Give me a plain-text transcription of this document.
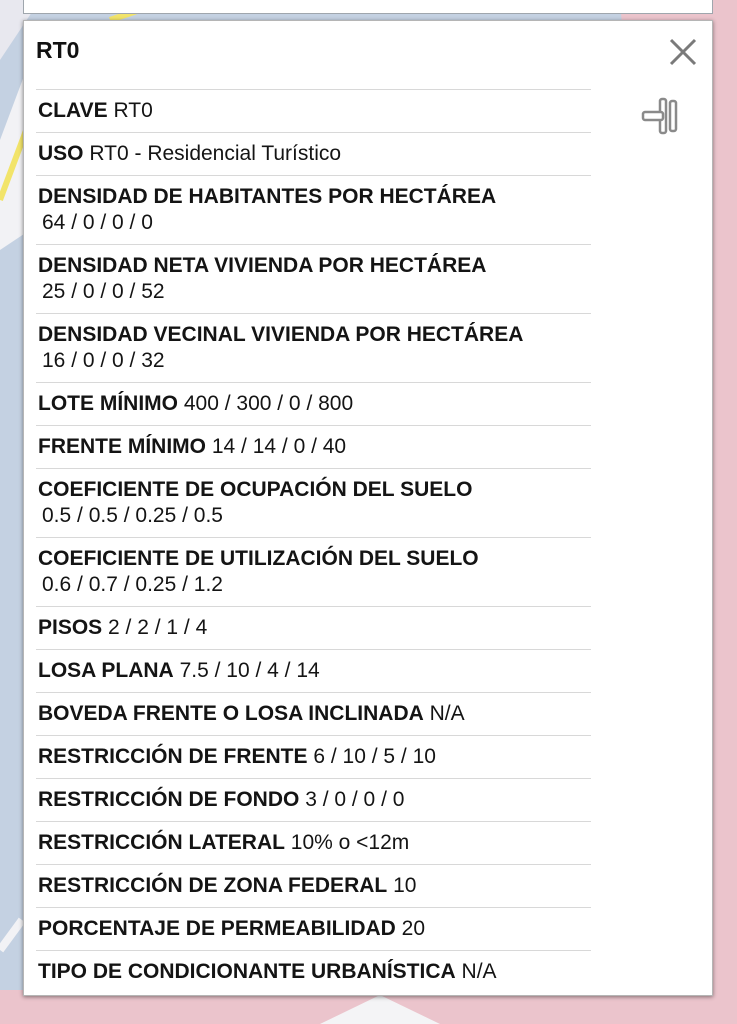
RT0
CLAVE RT0
USO RT0 - Residencial Turístico
DENSIDAD DE HABITANTES POR HECTÁREA
64 / 0 / 0 / 0
DENSIDAD NETA VIVIENDA POR HECTÁREA
25 / 0 / 0 / 52
DENSIDAD VECINAL VIVIENDA POR HECTÁREA
16 / 0 / 0 / 32
LOTE MÍNIMO 400 / 300 / 0 / 800
FRENTE MÍNIMO 14 / 14 / 0 / 40
COEFICIENTE DE OCUPACIÓN DEL SUELO
0.5 / 0.5 / 0.25 / 0.5
COEFICIENTE DE UTILIZACIÓN DEL SUELO
0.6 / 0.7 / 0.25 / 1.2
PISOS 2 / 2 / 1 / 4
LOSA PLANA 7.5 / 10 / 4 / 14
BOVEDA FRENTE O LOSA INCLINADA N/A
RESTRICCIÓN DE FRENTE 6 / 10 / 5 / 10
RESTRICCIÓN DE FONDO 3 / 0 / 0 / 0
RESTRICCIÓN LATERAL 10% o <12m
RESTRICCIÓN DE ZONA FEDERAL 10
PORCENTAJE DE PERMEABILIDAD 20
TIPO DE CONDICIONANTE URBANÍSTICA N/A
